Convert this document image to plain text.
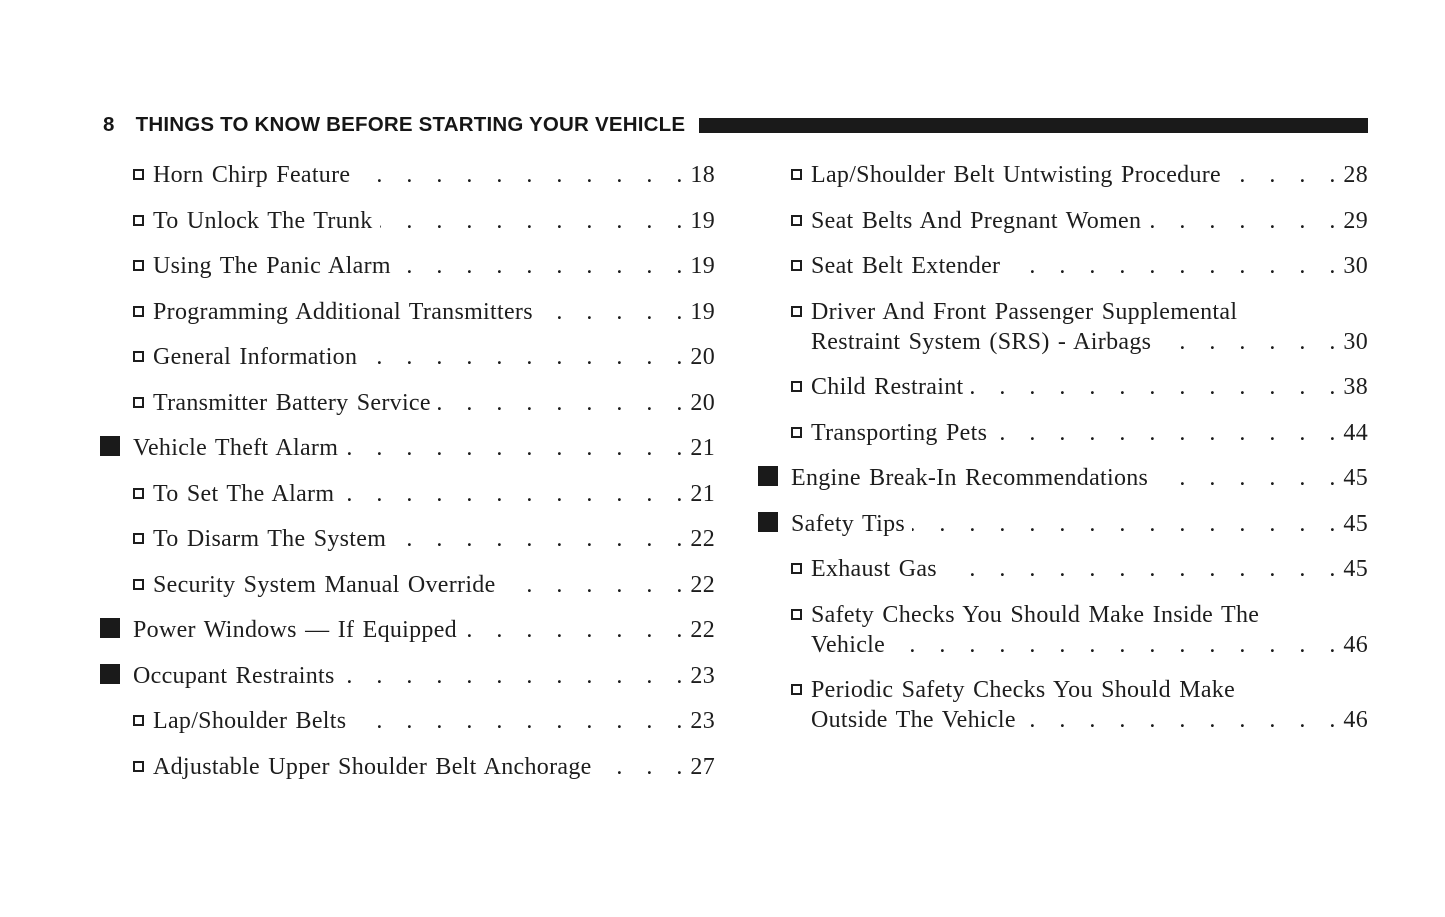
8 THINGS TO KNOW BEFORE STARTING YOUR VEHICLE
Horn Chirp Feature . . .	18
To Unlock The Trunk . . .	19
Using The Panic Alarm . . .	19
Programming Additional Transmitters . . .	19
General Information . . .	20
Transmitter Battery Service . . .	20
Vehicle Theft Alarm . . .	21
To Set The Alarm . . .	21
To Disarm The System . . .	22
Security System Manual Override . . .	22
Power Windows — If Equipped . . .	22
Occupant Restraints . . .	23
Lap/Shoulder Belts . . .	23
Adjustable Upper Shoulder Belt Anchorage . . .	27
Lap/Shoulder Belt Untwisting Procedure . . .	28
Seat Belts And Pregnant Women . . .	29
Seat Belt Extender . . .	30
Driver And Front Passenger Supplemental
Restraint System (SRS) - Airbags . . .	30
Child Restraint . . .	38
Transporting Pets . . .	44
Engine Break-In Recommendations . . .	45
Safety Tips . . .	45
Exhaust Gas . . .	45
Safety Checks You Should Make Inside The
Vehicle . . .	46
Periodic Safety Checks You Should Make
Outside The Vehicle . . .	46
